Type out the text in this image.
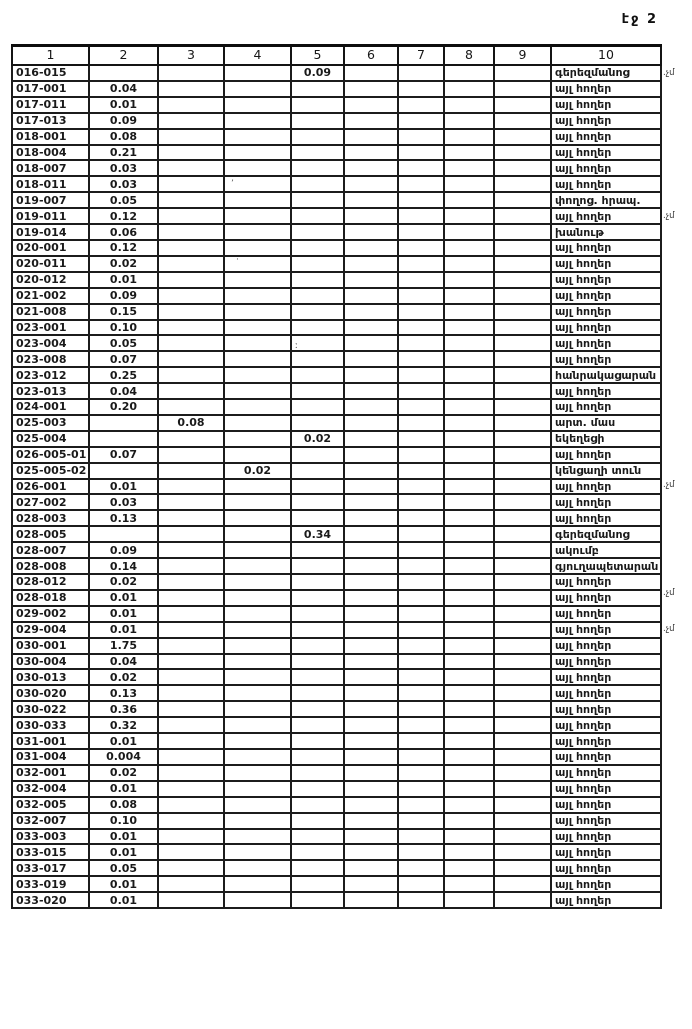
էջ 2
1	2	3	4	5	6	7	8	9	10
016-015				0.09					գերեզմանոց
017-001	0.04								այլ հողեր
017-011	0.01								այլ հողեր
017-013	0.09								այլ հողեր
018-001	0.08								այլ հողեր
018-004	0.21								այլ հողեր
018-007	0.03								այլ հողեր
018-011	0.03								այլ հողեր
019-007	0.05								փողոց. հրապ.
019-011	0.12								այլ հողեր
019-014	0.06								խանութ
020-001	0.12								այլ հողեր
020-011	0.02								այլ հողեր
020-012	0.01								այլ հողեր
021-002	0.09								այլ հողեր
021-008	0.15								այլ հողեր
023-001	0.10								այլ հողեր
023-004	0.05								այլ հողեր
023-008	0.07								այլ հողեր
023-012	0.25								հանրակացարան
023-013	0.04								այլ հողեր
024-001	0.20								այլ հողեր
025-003		0.08							արտ. մաս
025-004				0.02					եկեղեցի
026-005-01	0.07								այլ հողեր
025-005-02			0.02						կենցաղի տուն
026-001	0.01								այլ հողեր
027-002	0.03								այլ հողեր
028-003	0.13								այլ հողեր
028-005				0.34					գերեզմանոց
028-007	0.09								ակումբ
028-008	0.14								գյուղապետարան
028-012	0.02								այլ հողեր
028-018	0.01								այլ հողեր
029-002	0.01								այլ հողեր
029-004	0.01								այլ հողեր
030-001	1.75								այլ հողեր
030-004	0.04								այլ հողեր
030-013	0.02								այլ հողեր
030-020	0.13								այլ հողեր
030-022	0.36								այլ հողեր
030-033	0.32								այլ հողեր
031-001	0.01								այլ հողեր
031-004	0.004								այլ հողեր
032-001	0.02								այլ հողեր
032-004	0.01								այլ հողեր
032-005	0.08								այլ հողեր
032-007	0.10								այլ հողեր
033-003	0.01								այլ հողեր
033-015	0.01								այլ հողեր
033-017	0.05								այլ հողեր
033-019	0.01								այլ հողեր
033-020	0.01								այլ հողեր
.չմ
.չմ
.չմ
.չմ
.չմ
ʼ
·
ː
